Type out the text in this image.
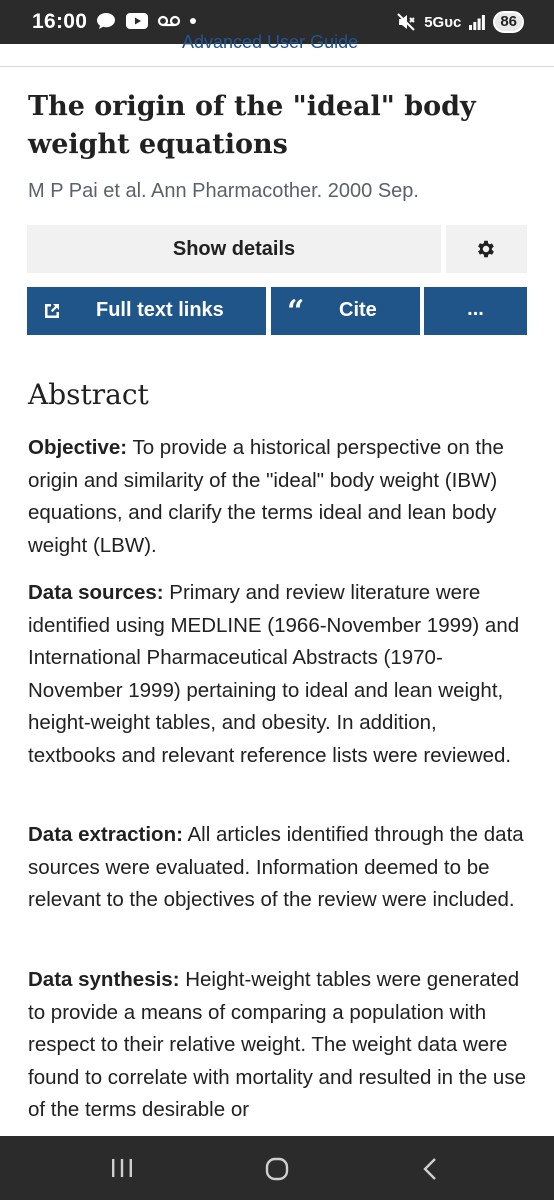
16:00	5Gᴜᴄ	86
Advanced User Guide
The origin of the "ideal" body weight equations
M P Pai et al. Ann Pharmacother. 2000 Sep.
Show details
Full text links “ Cite	...
Abstract

Objective: To provide a historical perspective on the origin and similarity of the "ideal" body weight (IBW) equations, and clarify the terms ideal and lean body weight (LBW).

Data sources: Primary and review literature were identified using MEDLINE (1966-November 1999) and International Pharmaceutical Abstracts (1970-November 1999) pertaining to ideal and lean weight, height-weight tables, and obesity. In addition, textbooks and relevant reference lists were reviewed.

Data extraction: All articles identified through the data sources were evaluated. Information deemed to be relevant to the objectives of the review were included.

Data synthesis: Height-weight tables were generated to provide a means of comparing a population with respect to their relative weight. The weight data were found to correlate with mortality and resulted in the use of the terms desirable or
